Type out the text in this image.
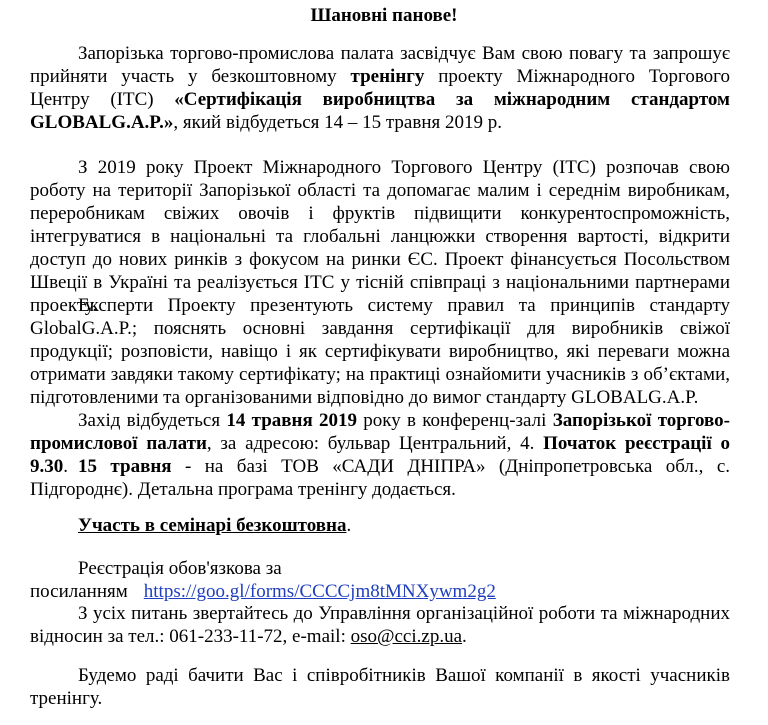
Шановні панове!

Запорізька торгово-промислова палата засвідчує Вам свою повагу та запрошує прийняти участь у безкоштовному тренінгу проекту Міжнародного Торгового Центру (ITC) «Сертифікація виробництва за міжнародним стандартом GLOBALG.A.P.», який відбудеться 14 – 15 травня 2019 р.

З 2019 року Проект Міжнародного Торгового Центру (ITC) розпочав свою роботу на території Запорізької області та допомагає малим і середнім виробникам, переробникам свіжих овочів і фруктів підвищити конкурентоспроможність, інтегруватися в національні та глобальні ланцюжки створення вартості, відкрити доступ до нових ринків з фокусом на ринки ЄС. Проект фінансується Посольством Швеції в Україні та реалізується ITC у тісній співпраці з національними партнерами проекту.

Експерти Проекту презентують систему правил та принципів стандарту GlobalG.A.P.; пояснять основні завдання сертифікації для виробників свіжої продукції; розповісти, навіщо і як сертифікувати виробництво, які переваги можна отримати завдяки такому сертифікату; на практиці ознайомити учасників з об’єктами, підготовленими та організованими відповідно до вимог стандарту GLOBALG.A.P.

Захід відбудеться 14 травня 2019 року в конференц-залі Запорізької торгово-промислової палати, за адресою: бульвар Центральний, 4. Початок реєстрації о 9.30. 15 травня - на базі ТОВ «САДИ ДНІПРА» (Дніпропетровська обл., с. Підгороднє). Детальна програма тренінгу додається.

Участь в семінарі безкоштовна.

Реєстрація обов'язкова за посиланням https://goo.gl/forms/CCCCjm8tMNXywm2g2

З усіх питань звертайтесь до Управління організаційної роботи та міжнародних відносин за тел.: 061-233-11-72, e-mail: oso@cci.zp.ua.

Будемо раді бачити Вас і співробітників Вашої компанії в якості учасників тренінгу.
